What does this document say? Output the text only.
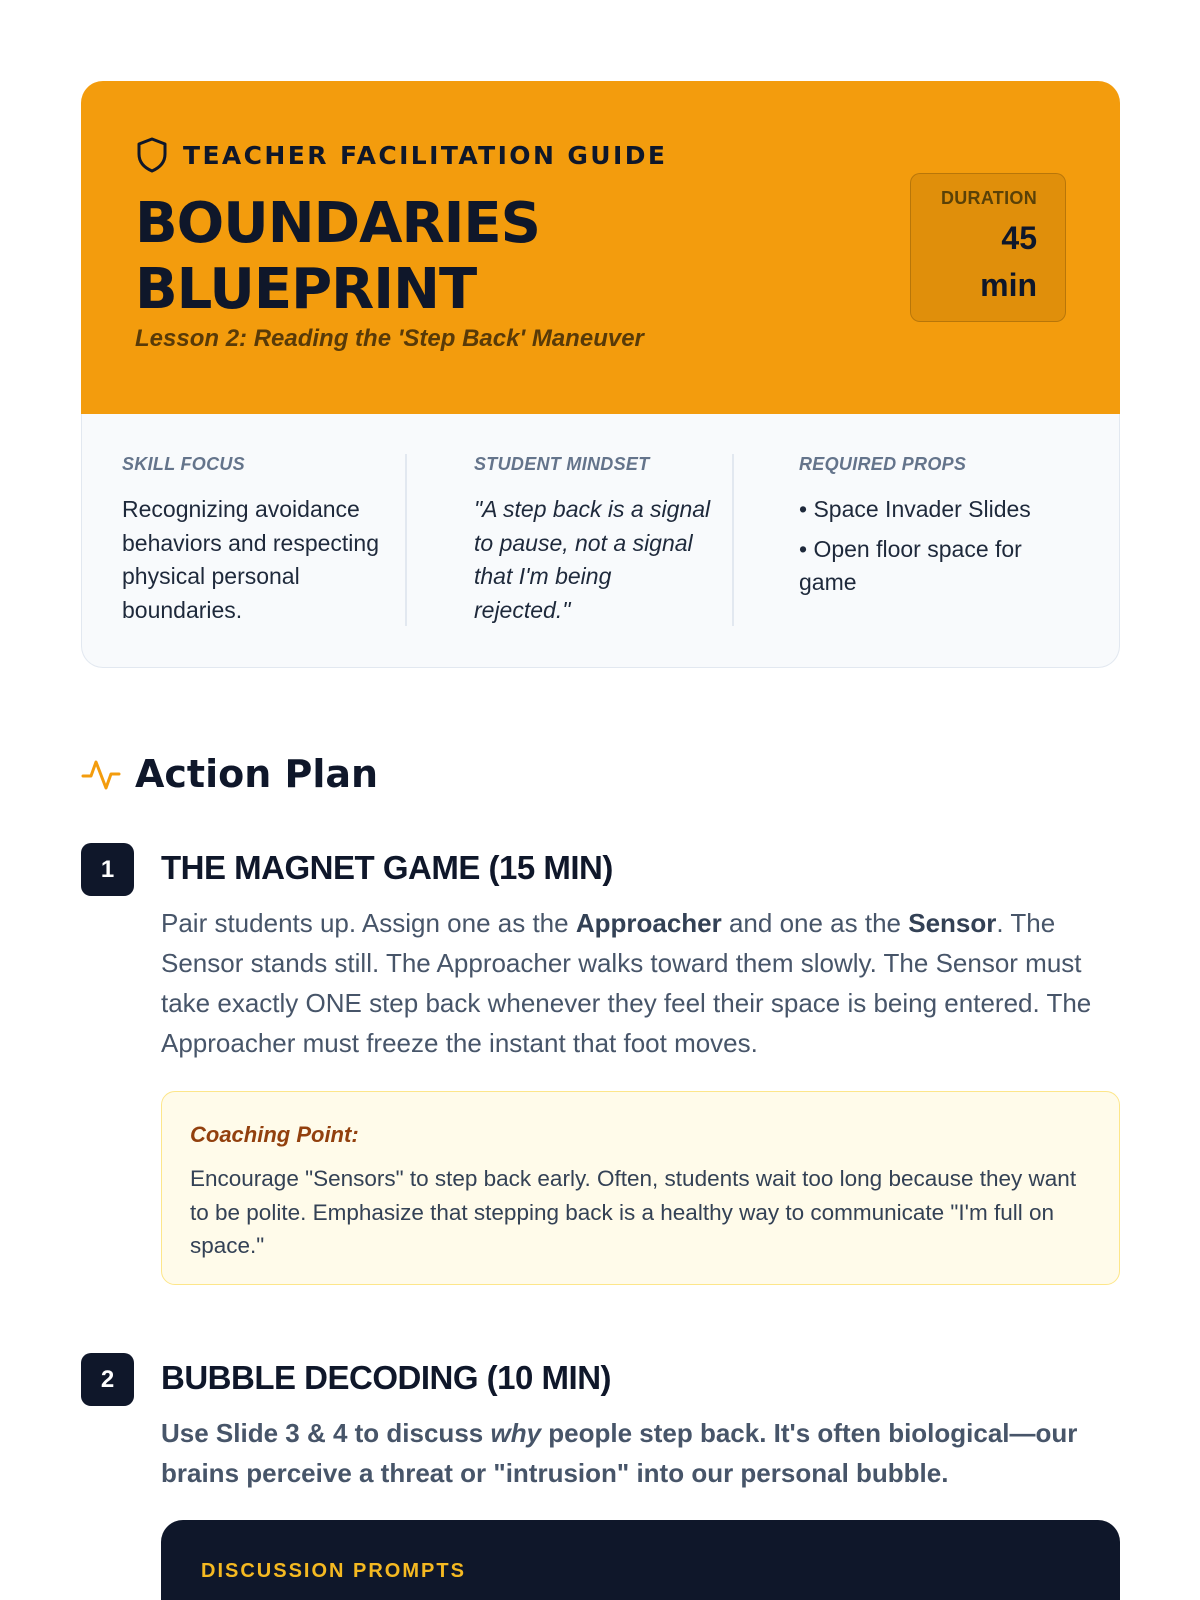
TEACHER FACILITATION GUIDE
BOUNDARIES
BLUEPRINT
Lesson 2: Reading the 'Step Back' Maneuver
DURATION
45
min
SKILL FOCUS
Recognizing avoidance behaviors and respecting physical personal boundaries.
STUDENT MINDSET
"A step back is a signal to pause, not a signal that I'm being rejected."
REQUIRED PROPS
• Space Invader Slides
• Open floor space for game
Action Plan
1	THE MAGNET GAME (15 MIN)
Pair students up. Assign one as the Approacher and one as the Sensor. The Sensor stands still. The Approacher walks toward them slowly. The Sensor must take exactly ONE step back whenever they feel their space is being entered. The Approacher must freeze the instant that foot moves.
Coaching Point:
Encourage "Sensors" to step back early. Often, students wait too long because they want to be polite. Emphasize that stepping back is a healthy way to communicate "I'm full on space."
2	BUBBLE DECODING (10 MIN)
Use Slide 3 & 4 to discuss why people step back. It's often biological—our brains perceive a threat or "intrusion" into our personal bubble.
DISCUSSION PROMPTS
